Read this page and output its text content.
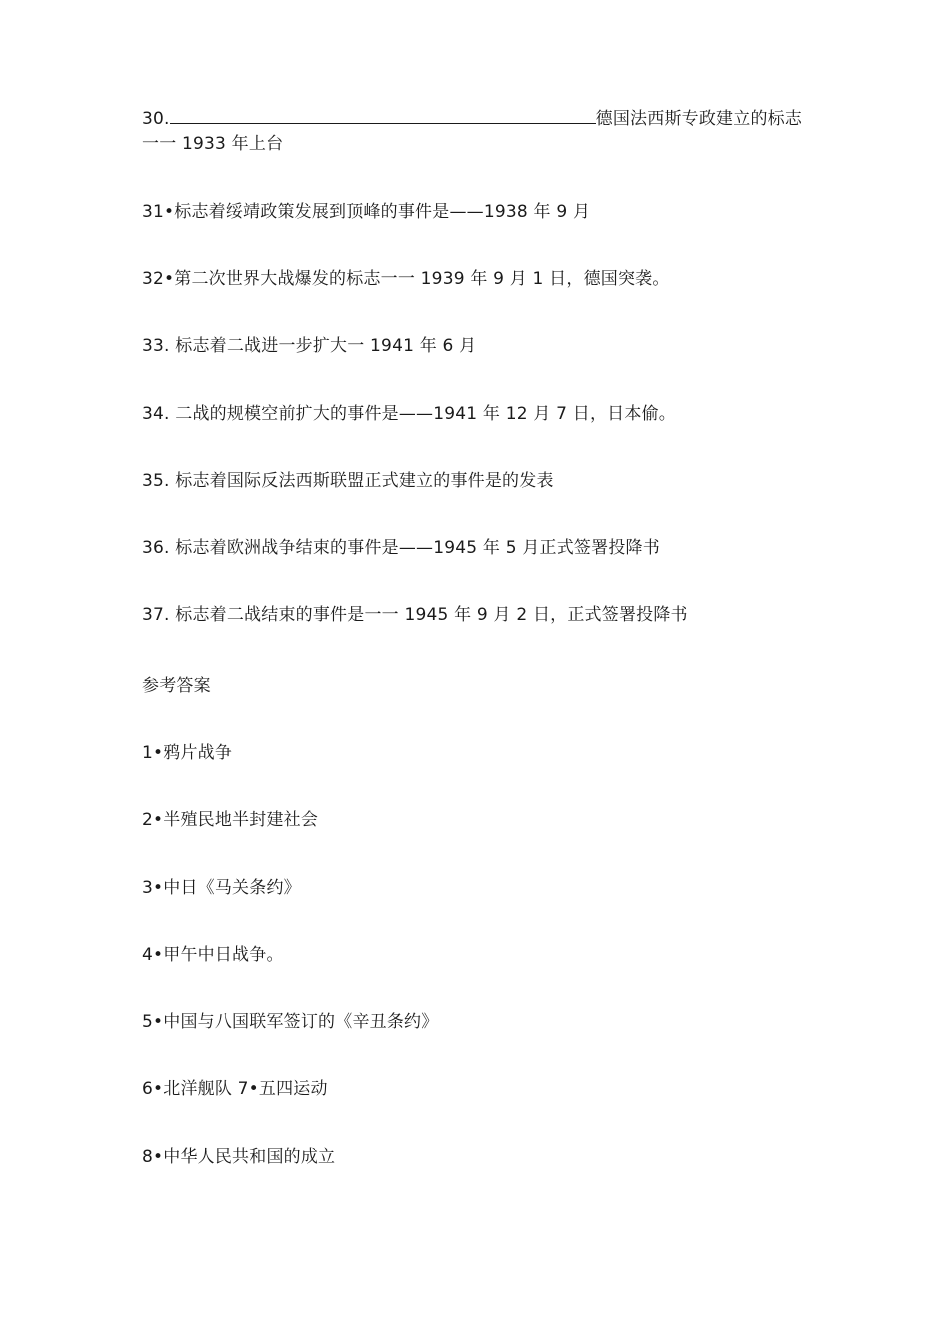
30.	德国法西斯专政建立的标志
一一 1933 年上台
31•标志着绥靖政策发展到顶峰的事件是——1938 年 9 月
32•第二次世界大战爆发的标志一一 1939 年 9 月 1 日，德国突袭。
33. 标志着二战进一步扩大一 1941 年 6 月
34. 二战的规模空前扩大的事件是——1941 年 12 月 7 日，日本偷。
35. 标志着国际反法西斯联盟正式建立的事件是的发表
36. 标志着欧洲战争结束的事件是——1945 年 5 月正式签署投降书
37. 标志着二战结束的事件是一一 1945 年 9 月 2 日，正式签署投降书
参考答案
1•鸦片战争
2•半殖民地半封建社会
3•中日《马关条约》
4•甲午中日战争。
5•中国与八国联军签订的《辛丑条约》
6•北洋舰队 7•五四运动
8•中华人民共和国的成立
